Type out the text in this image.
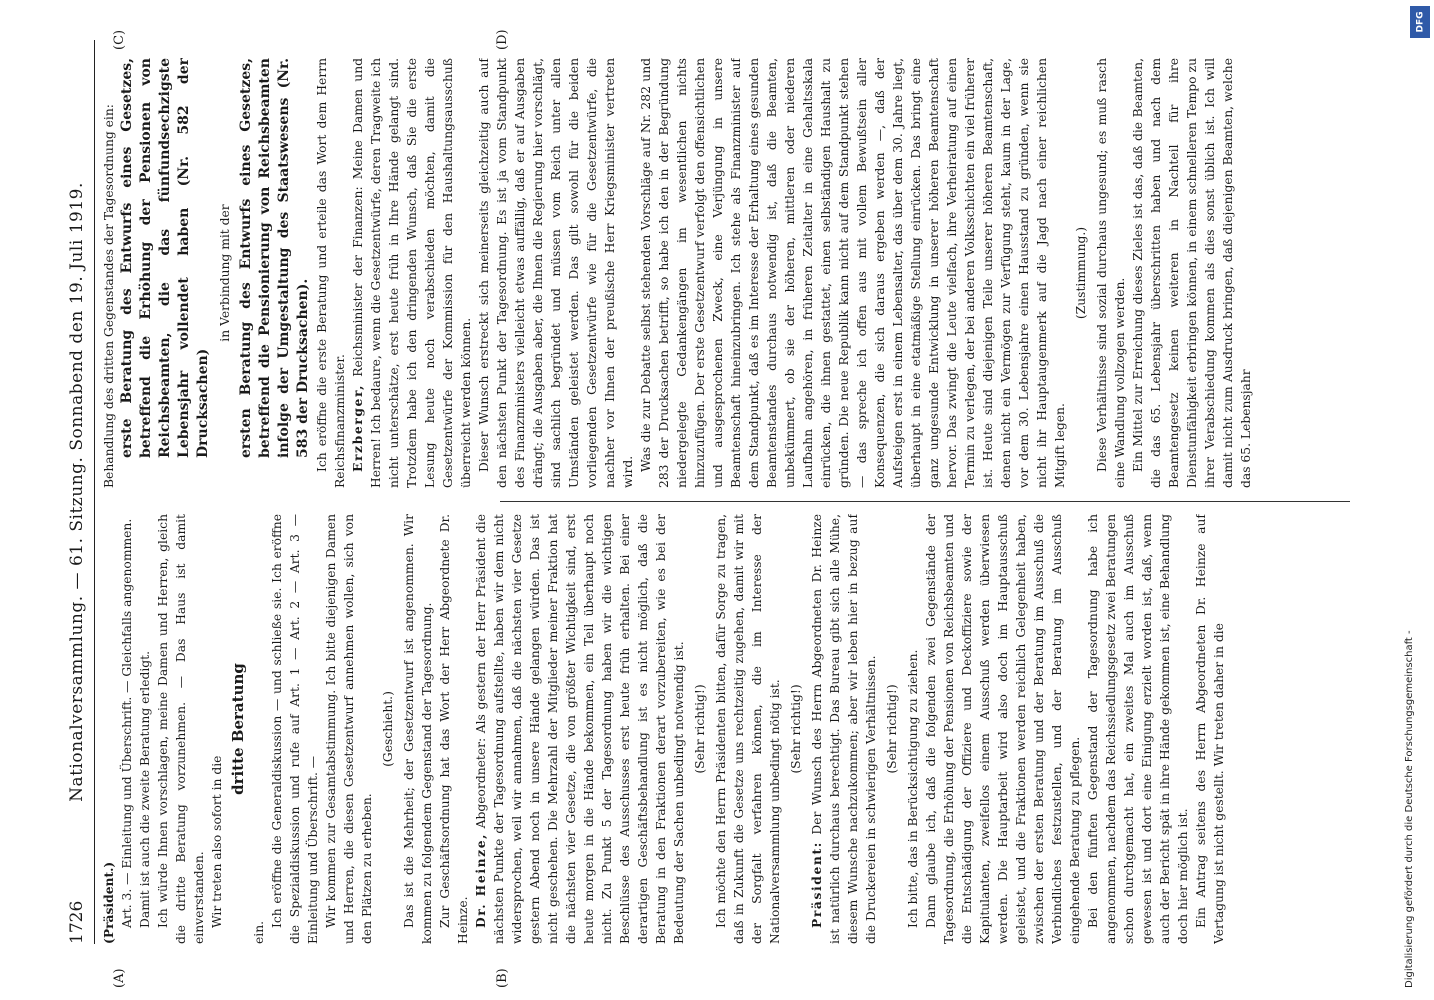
1726
Nationalversammlung. — 61. Sitzung. Sonnabend den 19. Juli 1919.
(A)	(B)
(C)	(D)

(Präsident.) Art. 3. — Einleitung und Überschrift. — Gleichfalls angenommen. Damit ist auch die zweite Beratung erledigt. Ich würde Ihnen vorschlagen, meine Damen und Herren, gleich die dritte Beratung vorzunehmen. — Das Haus ist damit einverstanden. Wir treten also sofort in die

dritte Beratung

ein.

Ich eröffne die Generaldiskussion — und schließe sie. Ich eröffne die Spezialdiskussion und rufe auf Art. 1 — Art. 2 — Art. 3 — Einleitung und Überschrift. — Wir kommen zur Gesamtabstimmung. Ich bitte diejenigen Damen und Herren, die diesen Gesetzentwurf annehmen wollen, sich von den Plätzen zu erheben.

(Geschieht.) Das ist die Mehrheit; der Gesetzentwurf ist angenommen. Wir kommen zu folgendem Gegenstand der Tagesordnung. Zur Geschäftsordnung hat das Wort der Herr Abgeordnete Dr. Heinze. Dr. Heinze, Abgeordneter: Als gestern der Herr Präsident die nächsten Punkte der Tagesordnung aufstellte, haben wir dem nicht widersprochen, weil wir annahmen, daß die nächsten vier Gesetze gestern Abend noch in unsere Hände gelangen würden. Das ist nicht geschehen. Die Mehrzahl der Mitglieder meiner Fraktion hat die nächsten vier Gesetze, die von größter Wichtigkeit sind, erst heute morgen in die Hände bekommen, ein Teil überhaupt noch nicht. Zu Punkt 5 der Tagesordnung haben wir die wichtigen Beschlüsse des Ausschusses erst heute früh erhalten. Bei einer derartigen Geschäftsbehandlung ist es nicht möglich, daß die Beratung in den Fraktionen derart vorzubereiten, wie es bei der Bedeutung der Sachen unbedingt notwendig ist. (Sehr richtig!) Ich möchte den Herrn Präsidenten bitten, dafür Sorge zu tragen, daß in Zukunft die Gesetze uns rechtzeitig zugehen, damit wir mit der Sorgfalt verfahren können, die im Interesse der Nationalversammlung unbedingt nötig ist. (Sehr richtig!)

Präsident: Der Wunsch des Herrn Abgeordneten Dr. Heinze ist natürlich durchaus berechtigt. Das Bureau gibt sich alle Mühe, diesem Wunsche nachzukommen; aber wir leben hier in bezug auf die Druckereien in schwierigen Verhältnissen. (Sehr richtig!) Ich bitte, das in Berücksichtigung zu ziehen. Dann glaube ich, daß die folgenden zwei Gegenstände der Tagesordnung, die Erhöhung der Pensionen von Reichsbeamten und die Entschädigung der Offiziere und Deckoffiziere sowie der Kapitulanten, zweifellos einem Ausschuß werden überwiesen werden. Die Hauptarbeit wird also doch im Hauptausschuß geleistet, und die Fraktionen werden reichlich Gelegenheit haben, zwischen der ersten Beratung und der Beratung im Ausschuß die Verbindliches festzustellen, und der Beratung im Ausschuß eingehende Beratung zu pflegen. Bei den fünften Gegenstand der Tagesordnung habe ich angenommen, nachdem das Reichssiedlungsgesetz zwei Beratungen schon durchgemacht hat, ein zweites Mal auch im Ausschuß gewesen ist und dort eine Einigung erzielt worden ist, daß, wenn auch der Bericht spät in ihre Hände gekommen ist, eine Behandlung doch hier möglich ist. Ein Antrag seitens des Herrn Abgeordneten Dr. Heinze auf Vertagung ist nicht gestellt. Wir treten daher in die

Behandlung des dritten Gegenstandes der Tagesordnung ein: erste Beratung des Entwurfs eines Gesetzes, betreffend die Erhöhung der Pensionen von Reichsbeamten, die das fünfundsechzigste Lebensjahr vollendet haben (Nr. 582 der Drucksachen)

in Verbindung mit der ersten Beratung des Entwurfs eines Gesetzes, betreffend die Pensionierung von Reichsbeamten infolge der Umgestaltung des Staatswesens (Nr. 583 der Drucksachen). Ich eröffne die erste Beratung und erteile das Wort dem Herrn Reichsfinanzminister. Erzberger, Reichsminister der Finanzen: Meine Damen und Herren! Ich bedaure, wenn die Gesetzentwürfe, deren Tragweite ich nicht unterschätze, erst heute früh in Ihre Hände gelangt sind. Trotzdem habe ich den dringenden Wunsch, daß Sie die erste Lesung heute noch verabschieden möchten, damit die Gesetzentwürfe der Kommission für den Haushaltungsausschuß überreicht werden können. Dieser Wunsch erstreckt sich meinerseits gleichzeitig auch auf den nächsten Punkt der Tagesordnung. Es ist ja vom Standpunkt des Finanzministers vielleicht etwas auffällig, daß er auf Ausgaben drängt; die Ausgaben aber, die Ihnen die Regierung hier vorschlägt, sind sachlich begründet und müssen vom Reich unter allen Umständen geleistet werden. Das gilt sowohl für die beiden vorliegenden Gesetzentwürfe wie für die Gesetzentwürfe, die nachher vor Ihnen der preußische Herr Kriegsminister vertreten wird. Was die zur Debatte selbst stehenden Vorschläge auf Nr. 282 und 283 der Drucksachen betrifft, so habe ich den in der Begründung niedergelegte Gedankengängen im wesentlichen nichts hinzuzufügen. Der erste Gesetzentwurf verfolgt den offensichtlichen und ausgesprochenen Zweck, eine Verjüngung in unsere Beamtenschaft hineinzubringen. Ich stehe als Finanzminister auf dem Standpunkt, daß es im Interesse der Erhaltung eines gesunden Beamtenstandes durchaus notwendig ist, daß die Beamten, unbekümmert, ob sie der höheren, mittleren oder niederen Laufbahn angehören, in früheren Zeitalter in eine Gehaltsskala einrücken, die ihnen gestattet, einen selbständigen Haushalt zu gründen. Die neue Republik kann nicht auf dem Standpunkt stehen — das spreche ich offen aus mit vollem Bewußtsein aller Konsequenzen, die sich daraus ergeben werden —, daß der Aufsteigen erst in einem Lebensalter, das über dem 30. Jahre liegt, überhaupt in eine etatmäßige Stellung einrücken. Das bringt eine ganz ungesunde Entwicklung in unserer höheren Beamtenschaft hervor. Das zwingt die Leute vielfach, ihre Verheiratung auf einen Termin zu verlegen, der bei anderen Volksschichten ein viel früherer ist. Heute sind diejenigen Teile unserer höheren Beamtenschaft, denen nicht ein Vermögen zur Verfügung steht, kaum in der Lage, vor dem 30. Lebensjahre einen Hausstand zu gründen, wenn sie nicht ihr Hauptaugenmerk auf die Jagd nach einer reichlichen Mitgift legen.

(Zustimmung.) Diese Verhältnisse sind sozial durchaus ungesund; es muß rasch eine Wandlung vollzogen werden. Ein Mittel zur Erreichung dieses Zieles ist das, daß die Beamten, die das 65. Lebensjahr überschritten haben und nach dem Beamtengesetz keinen weiteren in Nachteil für ihre Dienstunfähigkeit erbringen können, in einem schnelleren Tempo zu ihrer Verabschiedung kommen als dies sonst üblich ist. Ich will damit nicht zum Ausdruck bringen, daß diejenigen Beamten, welche das 65. Lebensjahr

Digitalisierung gefördert durch die Deutsche Forschungsgemeinschaft -
DFG
